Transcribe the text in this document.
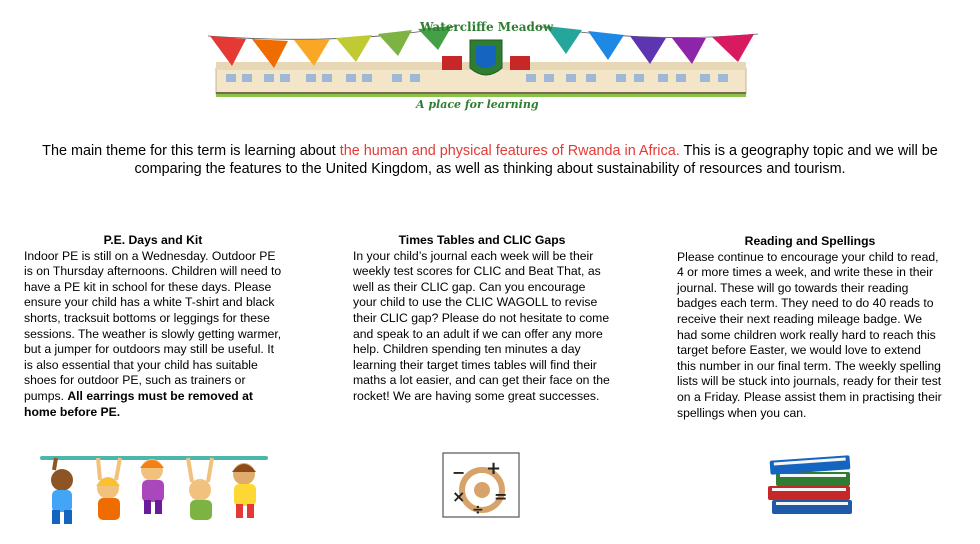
Watercliffe Meadow
A place for learning
The main theme for this term is learning about the human and physical features of Rwanda in Africa. This is a geography topic and we will be comparing the features to the United Kingdom, as well as thinking about sustainability of resources and tourism.
P.E. Days and Kit

Indoor PE is still on a Wednesday. Outdoor PE is on Thursday afternoons. Children will need to have a PE kit in school for these days. Please ensure your child has a white T-shirt and black shorts, tracksuit bottoms or leggings for these sessions. The weather is slowly getting warmer, but a jumper for outdoors may still be useful. It is also essential that your child has suitable shoes for outdoor PE, such as trainers or pumps. All earrings must be removed at home before PE.

Times Tables and CLIC Gaps

In your child’s journal each week will be their weekly test scores for CLIC and Beat That, as well as their CLIC gap. Can you encourage your child to use the CLIC WAGOLL to revise their CLIC gap? Please do not hesitate to come and speak to an adult if we can offer any more help. Children spending ten minutes a day learning their target times tables will find their maths a lot easier, and can get their face on the rocket! We are having some great successes.

Reading and Spellings

Please continue to encourage your child to read, 4 or more times a week, and write these in their journal. These will go towards their reading badges each term. They need to do 40 reads to receive their next reading mileage badge. We had some children work really hard to reach this target before Easter, we would love to extend this number in our final term. The weekly spelling lists will be stuck into journals, ready for their test on a Friday. Please assist them in practising their spellings when you can.

− +
× =
÷
